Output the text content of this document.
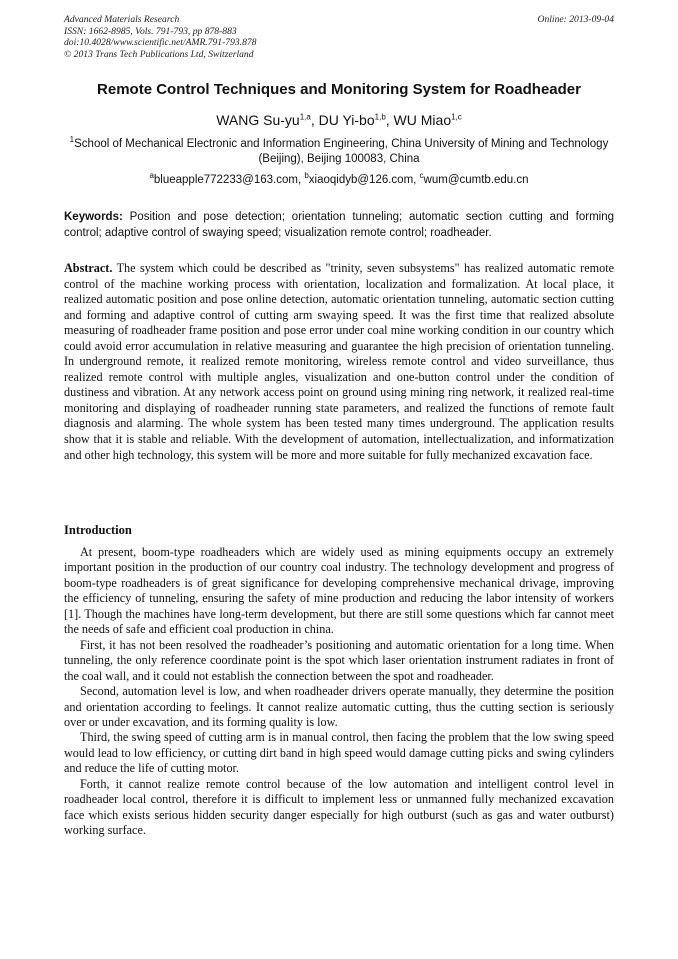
Advanced Materials Research
ISSN: 1662-8985, Vols. 791-793, pp 878-883
doi:10.4028/www.scientific.net/AMR.791-793.878
© 2013 Trans Tech Publications Ltd, Switzerland
Online: 2013-09-04
Remote Control Techniques and Monitoring System for Roadheader
WANG Su-yu$^{1,a}$, DU Yi-bo$^{1,b}$, WU Miao$^{1,c}$
$^1$School of Mechanical Electronic and Information Engineering, China University of Mining and Technology (Beijing), Beijing 100083, China
$^a$blueapple772233@163.com, $^b$xiaoqidyb@126.com, $^c$wum@cumtb.edu.cn
Keywords: Position and pose detection; orientation tunneling; automatic section cutting and forming control; adaptive control of swaying speed; visualization remote control; roadheader.
Abstract. The system which could be described as "trinity, seven subsystems" has realized automatic remote control of the machine working process with orientation, localization and formalization. At local place, it realized automatic position and pose online detection, automatic orientation tunneling, automatic section cutting and forming and adaptive control of cutting arm swaying speed. It was the first time that realized absolute measuring of roadheader frame position and pose error under coal mine working condition in our country which could avoid error accumulation in relative measuring and guarantee the high precision of orientation tunneling. In underground remote, it realized remote monitoring, wireless remote control and video surveillance, thus realized remote control with multiple angles, visualization and one-button control under the condition of dustiness and vibration. At any network access point on ground using mining ring network, it realized real-time monitoring and displaying of roadheader running state parameters, and realized the functions of remote fault diagnosis and alarming. The whole system has been tested many times underground. The application results show that it is stable and reliable. With the development of automation, intellectualization, and informatization and other high technology, this system will be more and more suitable for fully mechanized excavation face.
Introduction

At present, boom-type roadheaders which are widely used as mining equipments occupy an extremely important position in the production of our country coal industry. The technology development and progress of boom-type roadheaders is of great significance for developing comprehensive mechanical drivage, improving the efficiency of tunneling, ensuring the safety of mine production and reducing the labor intensity of workers [1]. Though the machines have long-term development, but there are still some questions which far cannot meet the needs of safe and efficient coal production in china.

First, it has not been resolved the roadheader’s positioning and automatic orientation for a long time. When tunneling, the only reference coordinate point is the spot which laser orientation instrument radiates in front of the coal wall, and it could not establish the connection between the spot and roadheader.

Second, automation level is low, and when roadheader drivers operate manually, they determine the position and orientation according to feelings. It cannot realize automatic cutting, thus the cutting section is seriously over or under excavation, and its forming quality is low.

Third, the swing speed of cutting arm is in manual control, then facing the problem that the low swing speed would lead to low efficiency, or cutting dirt band in high speed would damage cutting picks and swing cylinders and reduce the life of cutting motor.

Forth, it cannot realize remote control because of the low automation and intelligent control level in roadheader local control, therefore it is difficult to implement less or unmanned fully mechanized excavation face which exists serious hidden security danger especially for high outburst (such as gas and water outburst) working surface.
